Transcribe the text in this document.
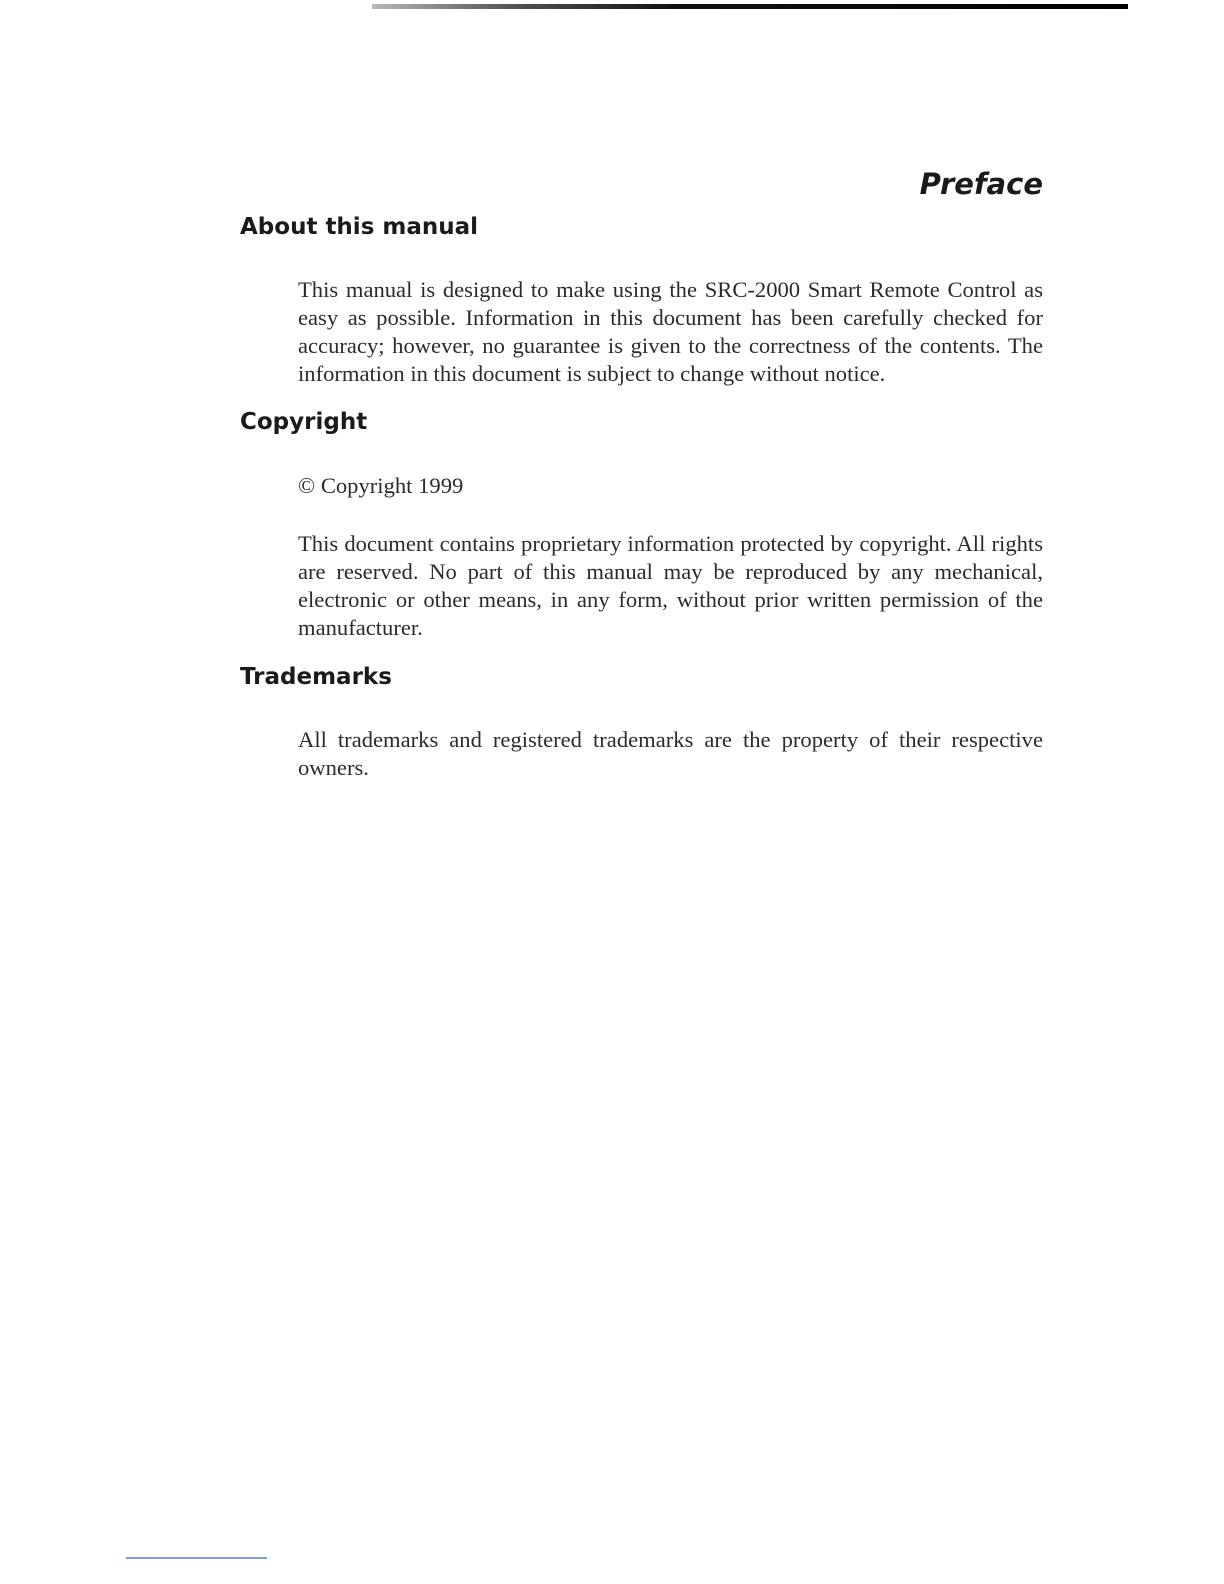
Preface
About this manual

This manual is designed to make using the SRC-2000 Smart Remote Control as easy as possible. Information in this document has been carefully checked for accuracy; however, no guarantee is given to the correctness of the contents. The information in this document is subject to change without notice.

Copyright

© Copyright 1999

This document contains proprietary information protected by copyright. All rights are reserved. No part of this manual may be reproduced by any mechanical, electronic or other means, in any form, without prior written permission of the manufacturer.

Trademarks

All trademarks and registered trademarks are the property of their respective owners.
